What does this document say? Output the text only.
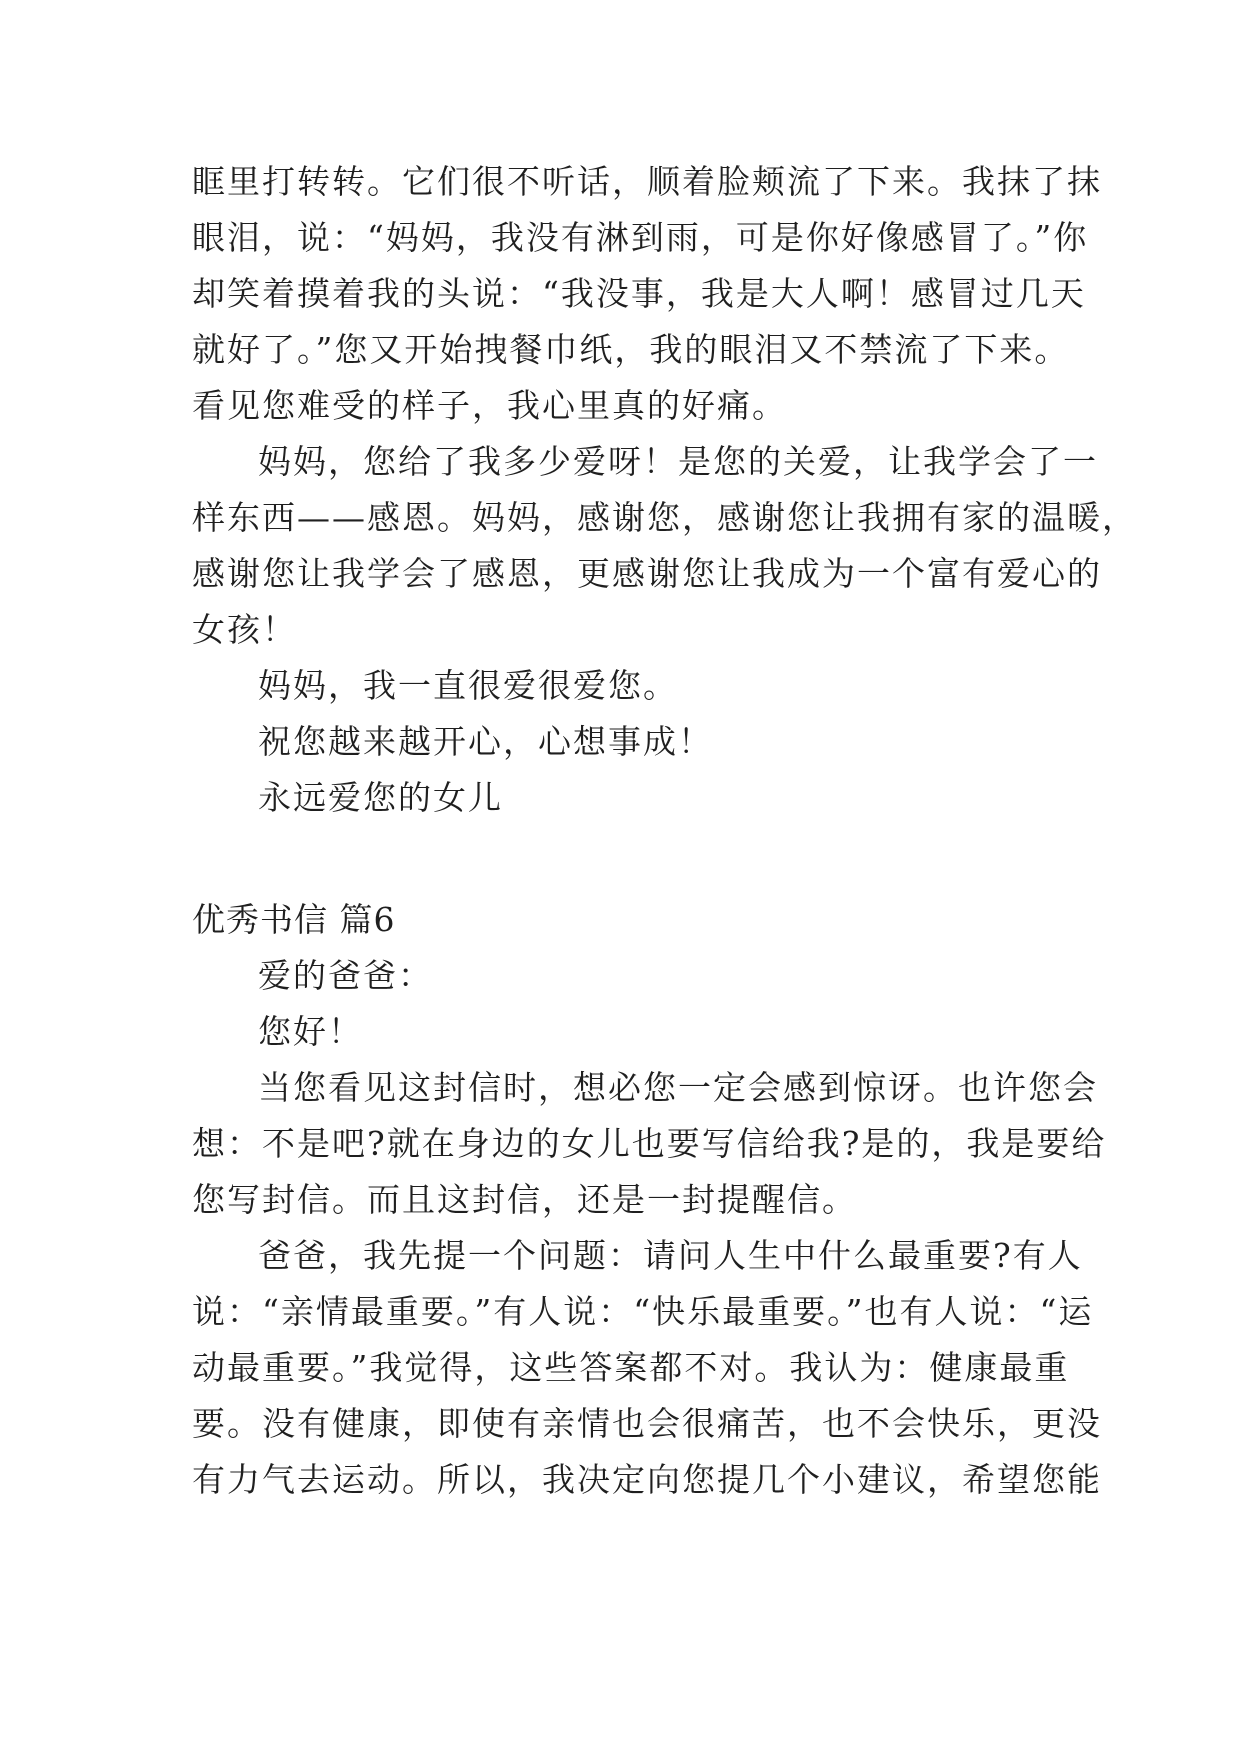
眶里打转转。它们很不听话，顺着脸颊流了下来。我抹了抹
眼泪，说：“妈妈，我没有淋到雨，可是你好像感冒了。”你
却笑着摸着我的头说：“我没事，我是大人啊！感冒过几天
就好了。”您又开始拽餐巾纸，我的眼泪又不禁流了下来。
看见您难受的样子，我心里真的好痛。
妈妈，您给了我多少爱呀！是您的关爱，让我学会了一
样东西——感恩。妈妈，感谢您，感谢您让我拥有家的温暖，
感谢您让我学会了感恩，更感谢您让我成为一个富有爱心的
女孩！
妈妈，我一直很爱很爱您。
祝您越来越开心，心想事成！
永远爱您的女儿
优秀书信 篇6
爱的爸爸：
您好！
当您看见这封信时，想必您一定会感到惊讶。也许您会
想：不是吧?就在身边的女儿也要写信给我?是的，我是要给
您写封信。而且这封信，还是一封提醒信。
爸爸，我先提一个问题：请问人生中什么最重要?有人
说：“亲情最重要。”有人说：“快乐最重要。”也有人说：“运
动最重要。”我觉得，这些答案都不对。我认为：健康最重
要。没有健康，即使有亲情也会很痛苦，也不会快乐，更没
有力气去运动。所以，我决定向您提几个小建议，希望您能
